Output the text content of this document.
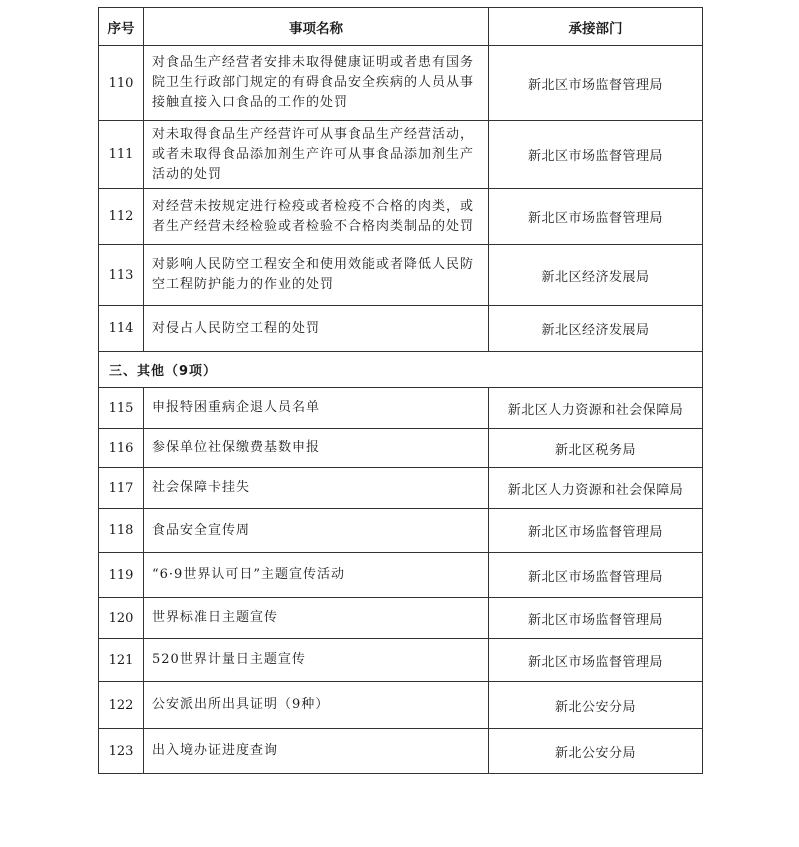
序号	事项名称	承接部门
110	对食品生产经营者安排未取得健康证明或者患有国务院卫生行政部门规定的有碍食品安全疾病的人员从事接触直接入口食品的工作的处罚	新北区市场监督管理局
111	对未取得食品生产经营许可从事食品生产经营活动，或者未取得食品添加剂生产许可从事食品添加剂生产活动的处罚	新北区市场监督管理局
112	对经营未按规定进行检疫或者检疫不合格的肉类，或者生产经营未经检验或者检验不合格肉类制品的处罚	新北区市场监督管理局
113	对影响人民防空工程安全和使用效能或者降低人民防空工程防护能力的作业的处罚	新北区经济发展局
114	对侵占人民防空工程的处罚	新北区经济发展局
三、其他（9项）		
115	申报特困重病企退人员名单	新北区人力资源和社会保障局
116	参保单位社保缴费基数申报	新北区税务局
117	社会保障卡挂失	新北区人力资源和社会保障局
118	食品安全宣传周	新北区市场监督管理局
119	“6·9世界认可日”主题宣传活动	新北区市场监督管理局
120	世界标准日主题宣传	新北区市场监督管理局
121	520世界计量日主题宣传	新北区市场监督管理局
122	公安派出所出具证明（9种）	新北公安分局
123	出入境办证进度查询	新北公安分局
